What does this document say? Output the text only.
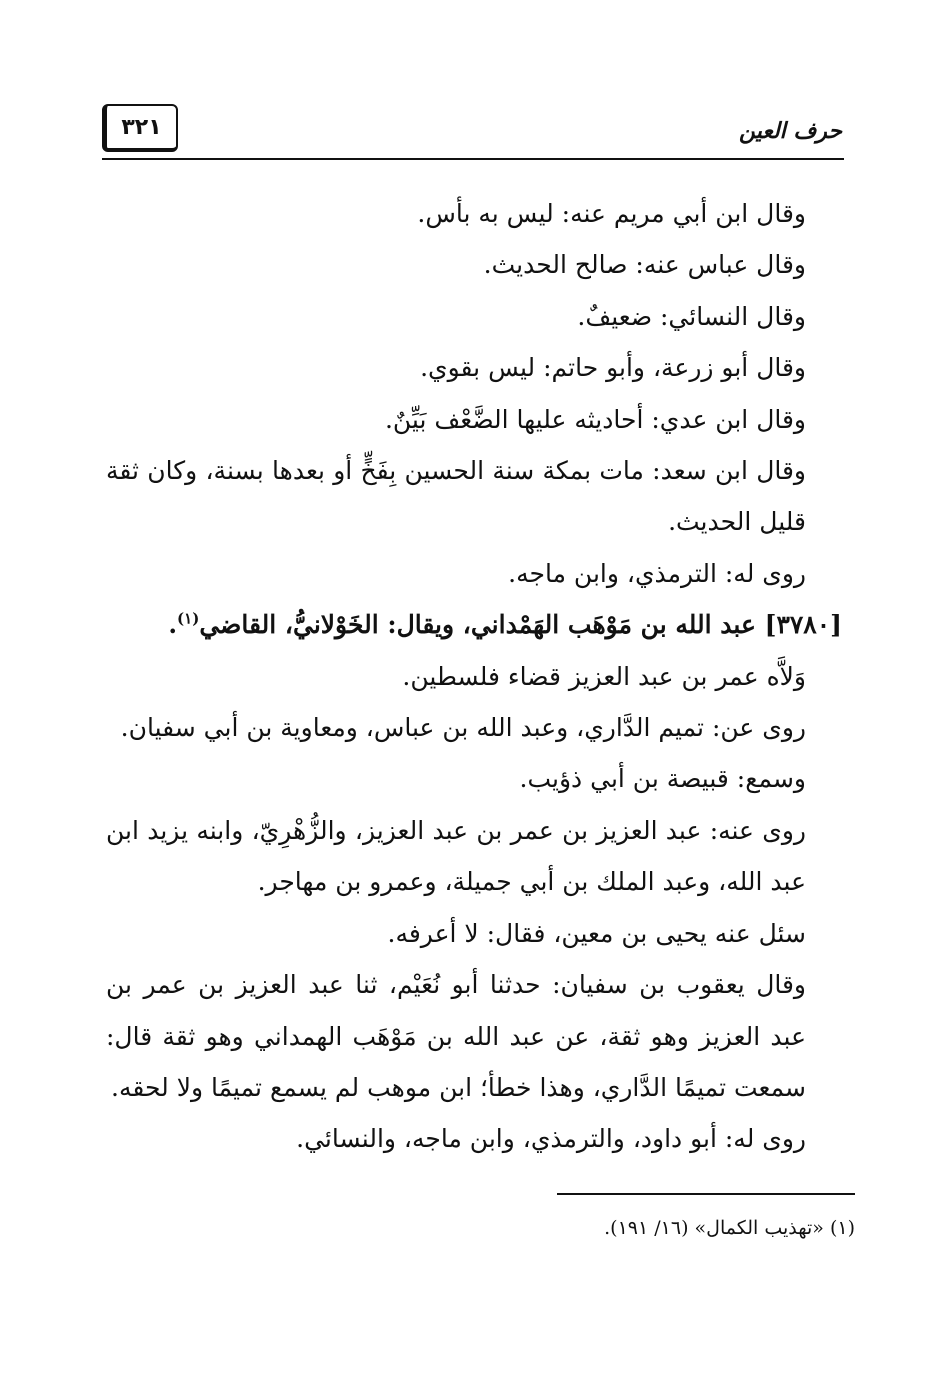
٣٢١	حرف العين

وقال ابن أبي مريم عنه: ليس به بأس.

وقال عباس عنه: صالح الحديث.

وقال النسائي: ضعيفٌ.

وقال أبو زرعة، وأبو حاتم: ليس بقوي.

وقال ابن عدي: أحاديثه عليها الضَّعْف بَيِّنٌ.

وقال ابن سعد: مات بمكة سنة الحسين بِفَخٍّ أو بعدها بسنة، وكان ثقة قليل الحديث.

روى له: الترمذي، وابن ماجه.

[٣٧٨٠] عبد الله بن مَوْهَب الهَمْداني، ويقال: الخَوْلانيُّ، القاضي$^{(١)}$.

وَلاَّه عمر بن عبد العزيز قضاء فلسطين.

روى عن: تميم الدَّاري، وعبد الله بن عباس، ومعاوية بن أبي سفيان.

وسمع: قبيصة بن أبي ذؤيب.

روى عنه: عبد العزيز بن عمر بن عبد العزيز، والزُّهْرِيّ، وابنه يزيد ابن عبد الله، وعبد الملك بن أبي جميلة، وعمرو بن مهاجر.

سئل عنه يحيى بن معين، فقال: لا أعرفه.

وقال يعقوب بن سفيان: حدثنا أبو نُعَيْم، ثنا عبد العزيز بن عمر بن عبد العزيز وهو ثقة، عن عبد الله بن مَوْهَب الهمداني وهو ثقة قال: سمعت تميمًا الدَّاري، وهذا خطأ؛ ابن موهب لم يسمع تميمًا ولا لحقه.

روى له: أبو داود، والترمذي، وابن ماجه، والنسائي.

(١) «تهذيب الكمال» (١٦/ ١٩١).
